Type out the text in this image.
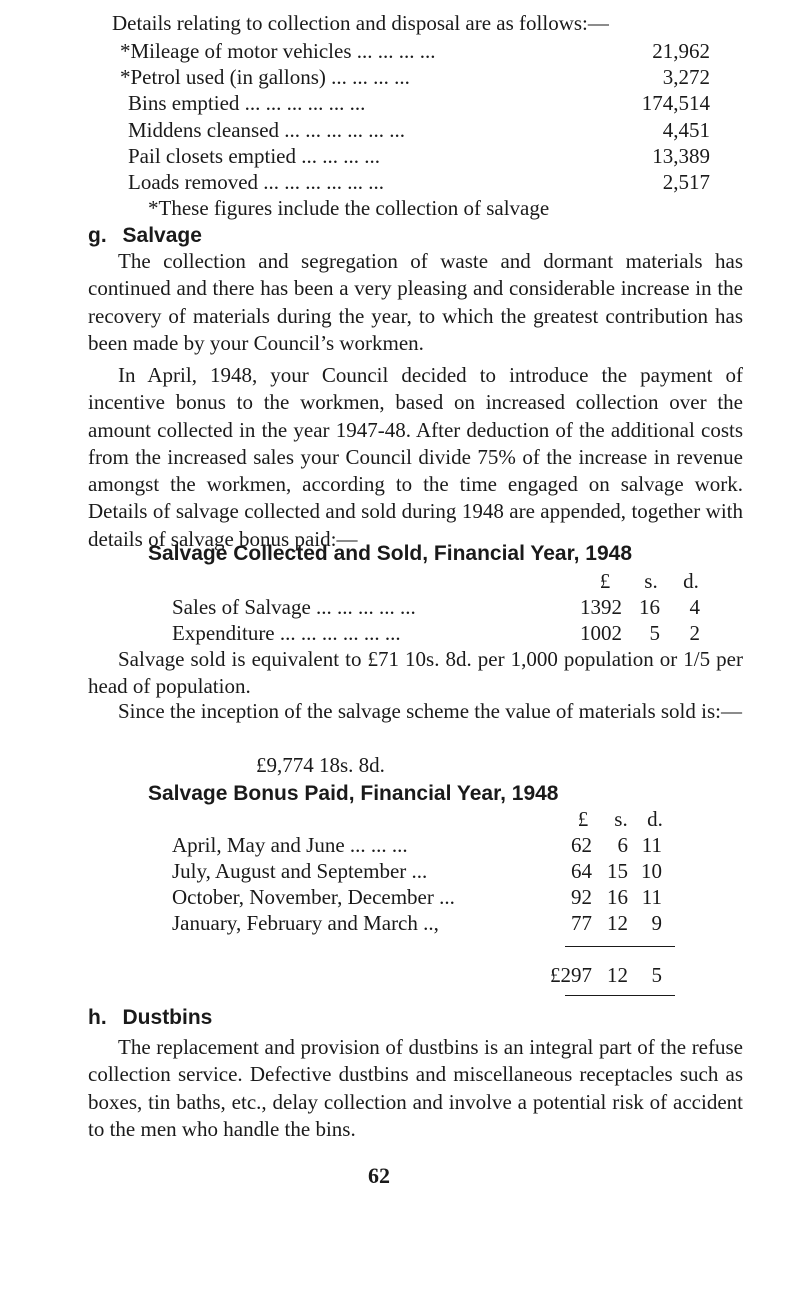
Details relating to collection and disposal are as follows:—
*Mileage of motor vehicles ... ... ... ...	21,962
*Petrol used (in gallons) ... ... ... ...	3,272
Bins emptied ... ... ... ... ... ...	174,514
Middens cleansed ... ... ... ... ... ...	4,451
Pail closets emptied ... ... ... ...	13,389
Loads removed ... ... ... ... ... ...	2,517
*These figures include the collection of salvage
g. Salvage
The collection and segregation of waste and dormant materials has continued and there has been a very pleasing and considerable increase in the recovery of materials during the year, to which the greatest contribution has been made by your Council’s workmen.
In April, 1948, your Council decided to introduce the payment of incentive bonus to the workmen, based on increased collection over the amount collected in the year 1947-48. After deduction of the additional costs from the increased sales your Council divide 75% of the increase in revenue amongst the workmen, according to the time engaged on salvage work. Details of salvage collected and sold during 1948 are appended, together with details of salvage bonus paid:—
Salvage Collected and Sold, Financial Year, 1948
£	s.	d.
Sales of Salvage ... ... ... ... ...	1392 16	4
Expenditure ... ... ... ... ... ...	1002	5	2
Salvage sold is equivalent to £71 10s. 8d. per 1,000 population or 1/5 per head of population.
Since the inception of the salvage scheme the value of materials sold is:—
£9,774 18s. 8d.
Salvage Bonus Paid, Financial Year, 1948
£	s. d.
April, May and June ... ... ...	62	6 11
July, August and September ...	64 15 10
October, November, December ...	92 16 11
January, February and March ..,	77 12	9
£297 12	5
h. Dustbins
The replacement and provision of dustbins is an integral part of the refuse collection service. Defective dustbins and miscellaneous receptacles such as boxes, tin baths, etc., delay collection and involve a potential risk of accident to the men who handle the bins.
62
